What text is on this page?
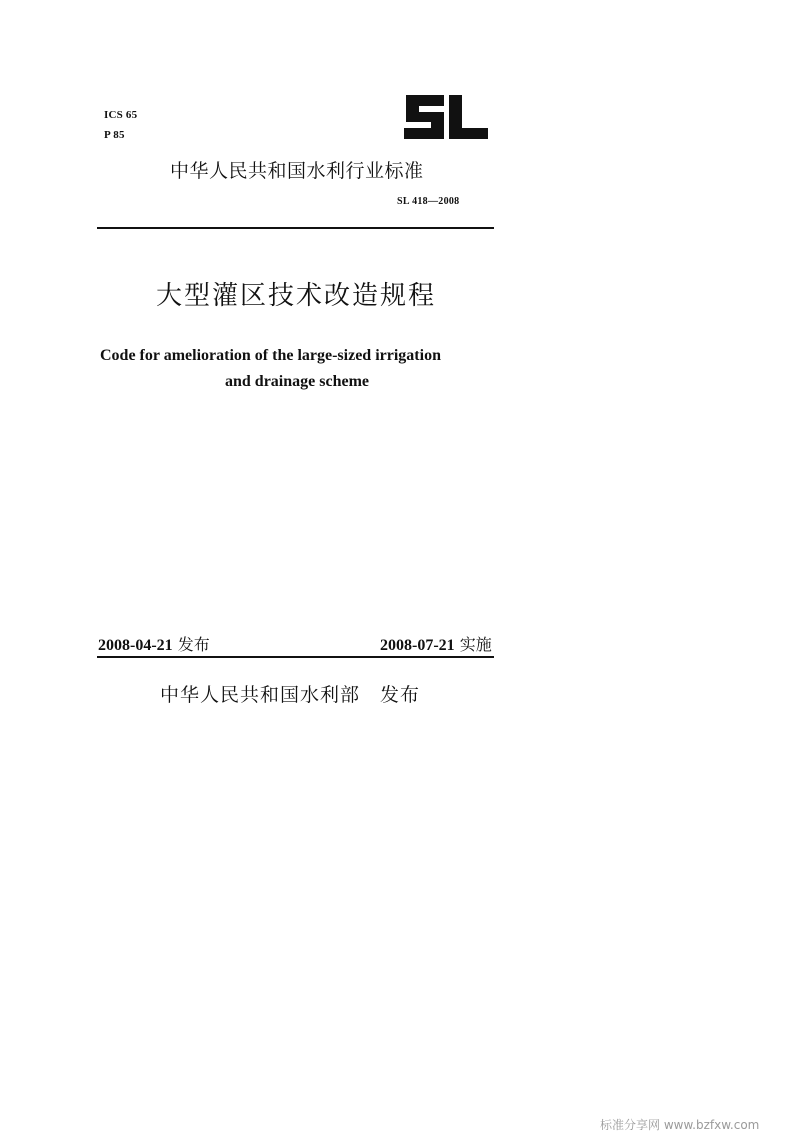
ICS 65
P 85
中华人民共和国水利行业标准
SL 418—2008
大型灌区技术改造规程
Code for amelioration of the large-sized irrigation
and drainage scheme
2008-04-21 发布	2008-07-21 实施
中华人民共和国水利部　发布
标准分享网 www.bzfxw.com
